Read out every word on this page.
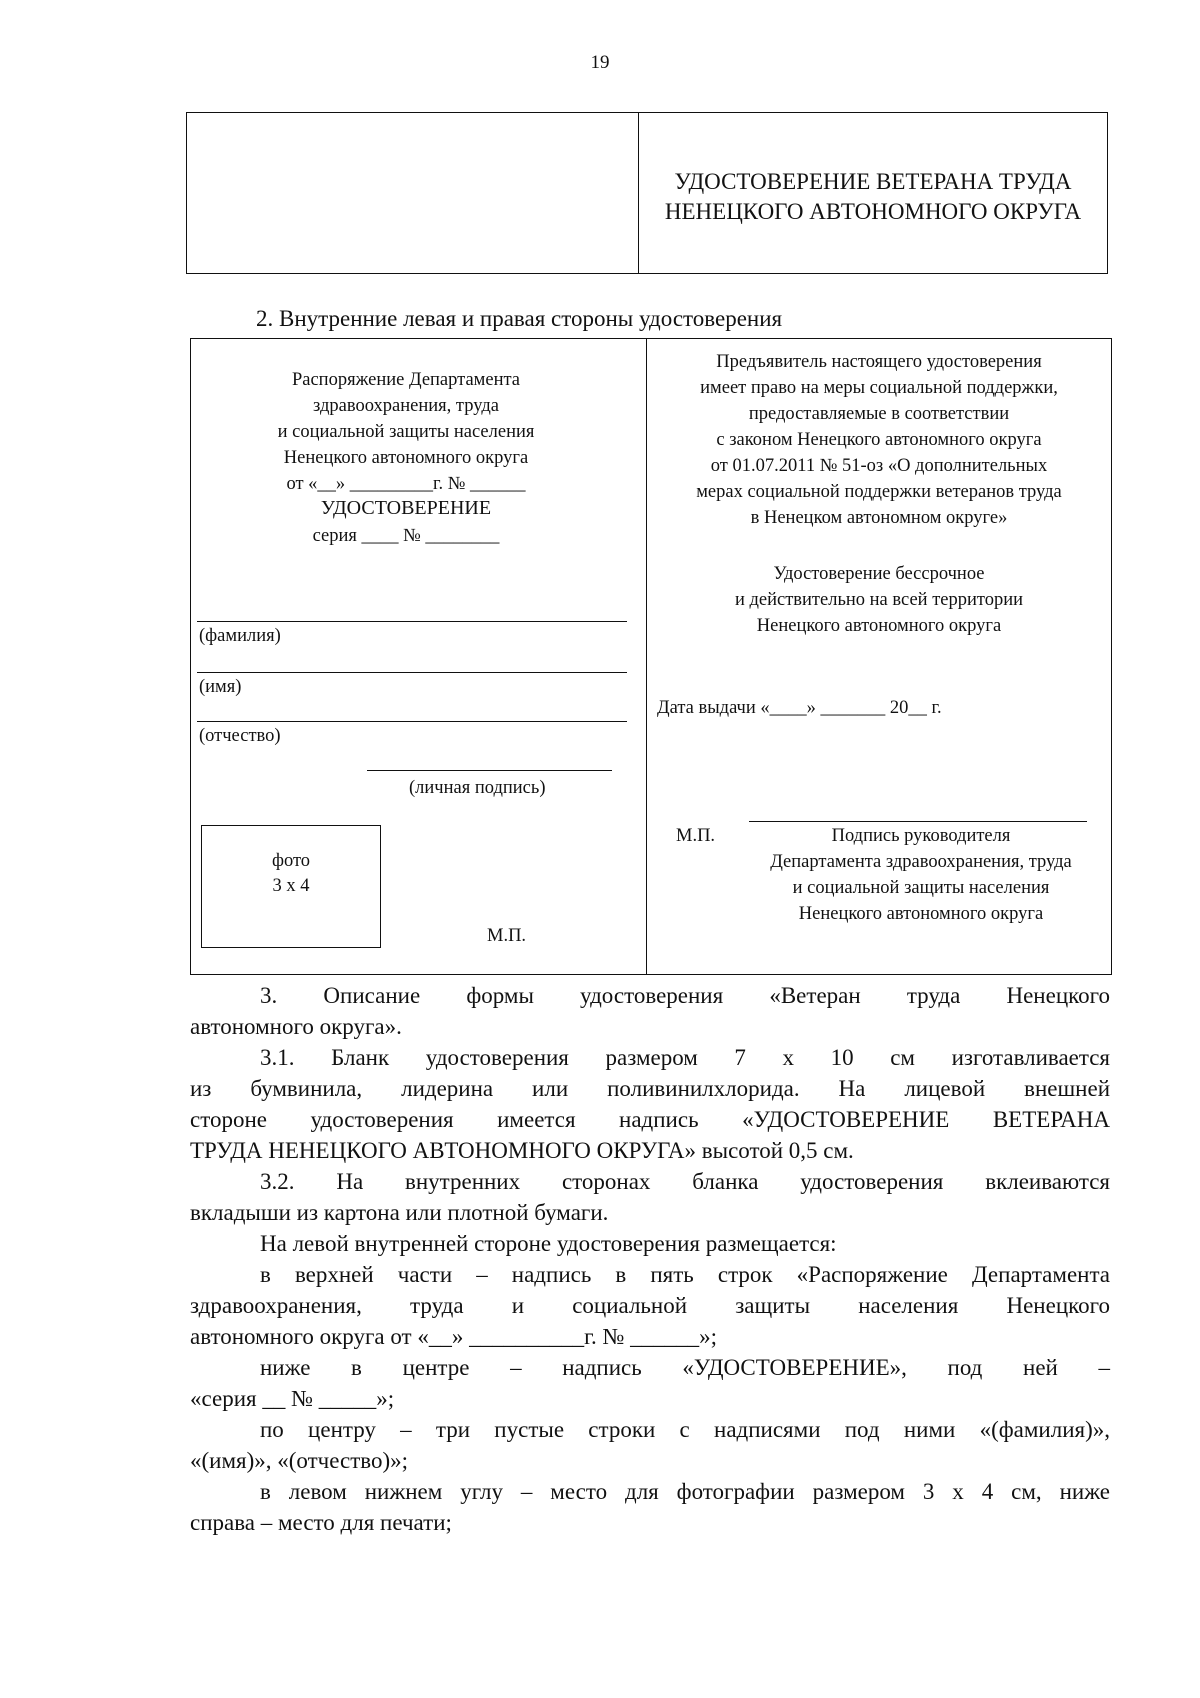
19
УДОСТОВЕРЕНИЕ ВЕТЕРАНА ТРУДА
НЕНЕЦКОГО АВТОНОМНОГО ОКРУГА
2. Внутренние левая и правая стороны удостоверения
Распоряжение Департамента
здравоохранения, труда
и социальной защиты населения
Ненецкого автономного округа
от «__» _________г. № ______
УДОСТОВЕРЕНИЕ
серия ____ № ________
(фамилия)
(имя)
(отчество)
(личная подпись)
фото
3 х 4
М.П.
Предъявитель настоящего удостоверения
имеет право на меры социальной поддержки,
предоставляемые в соответствии
с законом Ненецкого автономного округа
от 01.07.2011 № 51-оз «О дополнительных
мерах социальной поддержки ветеранов труда
в Ненецком автономном округе»
Удостоверение бессрочное
и действительно на всей территории
Ненецкого автономного округа
Дата выдачи «____» _______ 20__ г.
М.П.	Подпись руководителя
Департамента здравоохранения, труда
и социальной защиты населения
Ненецкого автономного округа
3. Описание формы удостоверения «Ветеран труда Ненецкого
автономного округа».
3.1. Бланк удостоверения размером 7 х 10 см изготавливается
из бумвинила, лидерина или поливинилхлорида. На лицевой внешней
стороне удостоверения имеется надпись «УДОСТОВЕРЕНИЕ ВЕТЕРАНА
ТРУДА НЕНЕЦКОГО АВТОНОМНОГО ОКРУГА» высотой 0,5 см.
3.2. На внутренних сторонах бланка удостоверения вклеиваются
вкладыши из картона или плотной бумаги.
На левой внутренней стороне удостоверения размещается:
в верхней части – надпись в пять строк «Распоряжение Департамента
здравоохранения, труда и социальной защиты населения Ненецкого
автономного округа от «__» __________г. № ______»;
ниже в центре – надпись «УДОСТОВЕРЕНИЕ», под ней –
«серия __ № _____»;
по центру – три пустые строки с надписями под ними «(фамилия)»,
«(имя)», «(отчество)»;
в левом нижнем углу – место для фотографии размером 3 х 4 см, ниже
справа – место для печати;
